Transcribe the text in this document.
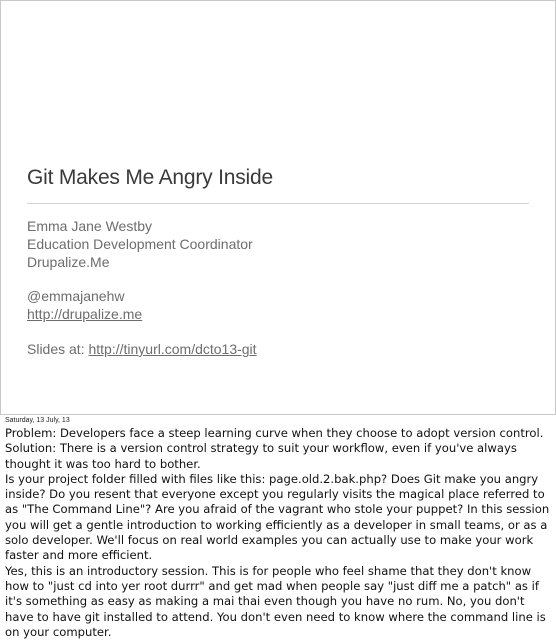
Git Makes Me Angry Inside
Emma Jane Westby
Education Development Coordinator
Drupalize.Me
@emmajanehw
http://drupalize.me
Slides at: http://tinyurl.com/dcto13-git
Saturday, 13 July, 13

Problem: Developers face a steep learning curve when they choose to adopt version control.

Solution: There is a version control strategy to suit your workflow, even if you've always thought it was too hard to bother.

Is your project folder filled with files like this: page.old.2.bak.php? Does Git make you angry inside? Do you resent that everyone except you regularly visits the magical place referred to as "The Command Line"? Are you afraid of the vagrant who stole your puppet? In this session you will get a gentle introduction to working efficiently as a developer in small teams, or as a solo developer. We'll focus on real world examples you can actually use to make your work faster and more efficient.

Yes, this is an introductory session. This is for people who feel shame that they don't know how to "just cd into yer root durrr" and get mad when people say "just diff me a patch" as if it's something as easy as making a mai thai even though you have no rum. No, you don't have to have git installed to attend. You don't even need to know where the command line is on your computer.
